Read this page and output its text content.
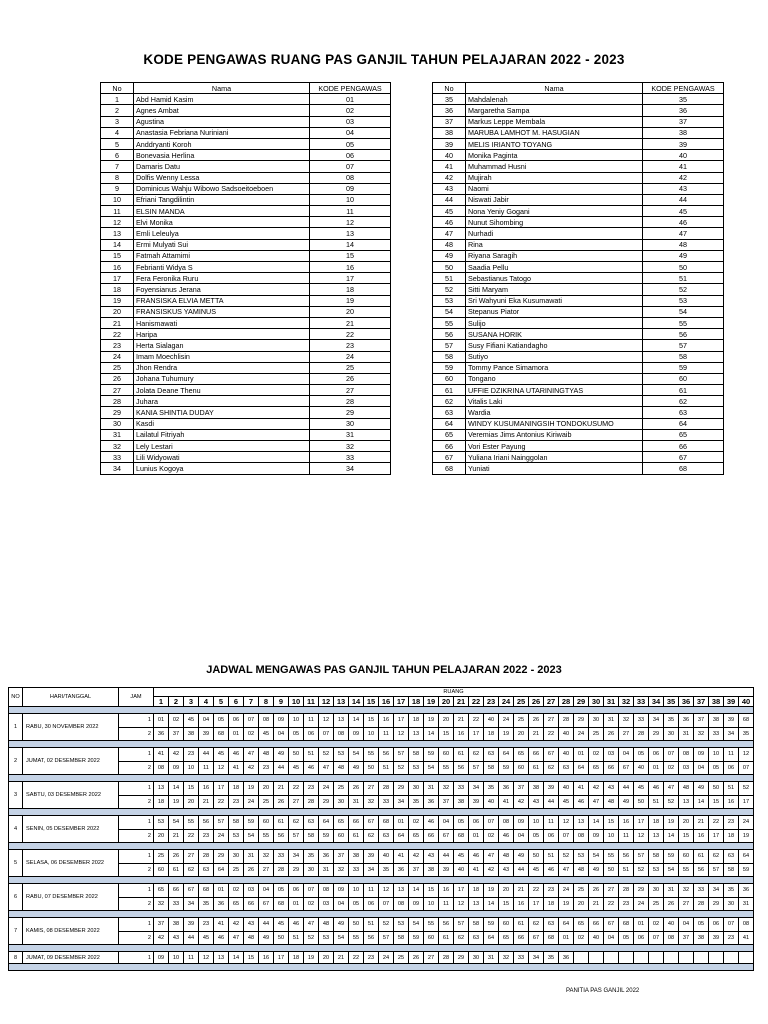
KODE PENGAWAS RUANG PAS GANJIL TAHUN PELAJARAN 2022 - 2023
No	Nama	KODE PENGAWAS
1	Abd Hamid Kasim	01
2	Agnes Ambat	02
3	Agustina	03
4	Anastasia Febriana Nuriniani	04
5	Anddryanti Koroh	05
6	Bonevasia Herlina	06
7	Damaris Datu	07
8	Dolfis Wenny Lessa	08
9	Dominicus Wahju Wibowo Sadsoeitoeboen	09
10	Efriani Tangdilintin	10
11	ELSIN MANDA	11
12	Elvi Monika	12
13	Emli Leleulya	13
14	Ermi Mulyati Sui	14
15	Fatmah Attamimi	15
16	Febrianti Widya S	16
17	Fera Feronika Ruru	17
18	Foyensianus Jerana	18
19	FRANSISKA ELVIA METTA	19
20	FRANSISKUS YAMINUS	20
21	Hanismawati	21
22	Haripa	22
23	Herta Sialagan	23
24	Imam Moechlisin	24
25	Jhon Rendra	25
26	Johana Tuhumury	26
27	Jolata Deane Thenu	27
28	Juhara	28
29	KANIA SHINTIA DUDAY	29
30	Kasdi	30
31	Lailatul Fitriyah	31
32	Lely Lestari	32
33	Lili Widyowati	33
34	Lunius Kogoya	34
No	Nama	KODE PENGAWAS
35	Mahdalenah	35
36	Margaretha Sampa	36
37	Markus Leppe Membala	37
38	MARUBA LAMHOT M. HASUGIAN	38
39	MELIS IRIANTO TOYANG	39
40	Monika Paginta	40
41	Muhammad Husni	41
42	Mujirah	42
43	Naomi	43
44	Niswati Jabir	44
45	Nona Yeniy Gogani	45
46	Nunut Sihombing	46
47	Nurhadi	47
48	Rina	48
49	Riyana Saragih	49
50	Saadia Pellu	50
51	Sebastianus Tatogo	51
52	Sitti Maryam	52
53	Sri Wahyuni Eka Kusumawati	53
54	Stepanus Piator	54
55	Sulijo	55
56	SUSANA HORIK	56
57	Susy Fifiani Katiandagho	57
58	Sutiyo	58
59	Tommy Pance Simamora	59
60	Tongano	60
61	UFFIE DZIKRINA UTARININGTYAS	61
62	Vitalis Laki	62
63	Wardia	63
64	WINDY KUSUMANINGSIH TONDOKUSUMO	64
65	Veremias Jims Antonius Kiriwaib	65
66	Vori Ester Payung	66
67	Yuliana Iriani Nainggolan	67
68	Yuniati	68
JADWAL MENGAWAS PAS GANJIL TAHUN PELAJARAN 2022 - 2023
NO	HARI/TANGGAL	JAM	RUANG																																							
			1	2	3	4	5	6	7	8	9	10	11	12	13	14	15	16	17	18	19	20	21	22	23	24	25	26	27	28	29	30	31	32	33	34	35	36	37	38	39	40

1	RABU, 30 NOVEMBER 2022	1	01	02	45	04	05	06	07	08	09	10	11	12	13	14	15	16	17	18	19	20	21	22	40	24	25	26	27	28	29	30	31	32	33	34	35	36	37	38	39	68
		2	36	37	38	39	68	01	02	45	04	05	06	07	08	09	10	11	12	13	14	15	16	17	18	19	20	21	22	40	24	25	26	27	28	29	30	31	32	33	34	35

2	JUMAT, 02 DESEMBER 2022	1	41	42	23	44	45	46	47	48	49	50	51	52	53	54	55	56	57	58	59	60	61	62	63	64	65	66	67	40	01	02	03	04	05	06	07	08	09	10	11	12
		2	08	09	10	11	12	41	42	23	44	45	46	47	48	49	50	51	52	53	54	55	56	57	58	59	60	61	62	63	64	65	66	67	40	01	02	03	04	05	06	07

3	SABTU, 03 DESEMBER 2022	1	13	14	15	16	17	18	19	20	21	22	23	24	25	26	27	28	29	30	31	32	33	34	35	36	37	38	39	40	41	42	43	44	45	46	47	48	49	50	51	52
		2	18	19	20	21	22	23	24	25	26	27	28	29	30	31	32	33	34	35	36	37	38	39	40	41	42	43	44	45	46	47	48	49	50	51	52	13	14	15	16	17

4	SENIN, 05 DESEMBER 2022	1	53	54	55	56	57	58	59	60	61	62	63	64	65	66	67	68	01	02	46	04	05	06	07	08	09	10	11	12	13	14	15	16	17	18	19	20	21	22	23	24
		2	20	21	22	23	24	53	54	55	56	57	58	59	60	61	62	63	64	65	66	67	68	01	02	46	04	05	06	07	08	09	10	11	12	13	14	15	16	17	18	19

5	SELASA, 06 DESEMBER 2022	1	25	26	27	28	29	30	31	32	33	34	35	36	37	38	39	40	41	42	43	44	45	46	47	48	49	50	51	52	53	54	55	56	57	58	59	60	61	62	63	64
		2	60	61	62	63	64	25	26	27	28	29	30	31	32	33	34	35	36	37	38	39	40	41	42	43	44	45	46	47	48	49	50	51	52	53	54	55	56	57	58	59

6	RABU, 07 DESEMBER 2022	1	65	66	67	68	01	02	03	04	05	06	07	08	09	10	11	12	13	14	15	16	17	18	19	20	21	22	23	24	25	26	27	28	29	30	31	32	33	34	35	36
		2	32	33	34	35	36	65	66	67	68	01	02	03	04	05	06	07	08	09	10	11	12	13	14	15	16	17	18	19	20	21	22	23	24	25	26	27	28	29	30	31

7	KAMIS, 08 DESEMBER 2022	1	37	38	39	23	41	42	43	44	45	46	47	48	49	50	51	52	53	54	55	56	57	58	59	60	61	62	63	64	65	66	67	68	01	02	40	04	05	06	07	08
		2	42	43	44	45	46	47	48	49	50	51	52	53	54	55	56	57	58	59	60	61	62	63	64	65	66	67	68	01	02	40	04	05	06	07	08	37	38	39	23	41

8	JUMAT, 09 DESEMBER 2022	1	09	10	11	12	13	14	15	16	17	18	19	20	21	22	23	24	25	26	27	28	29	30	31	32	33	34	35	36												

PANITIA PAS GANJIL 2022
